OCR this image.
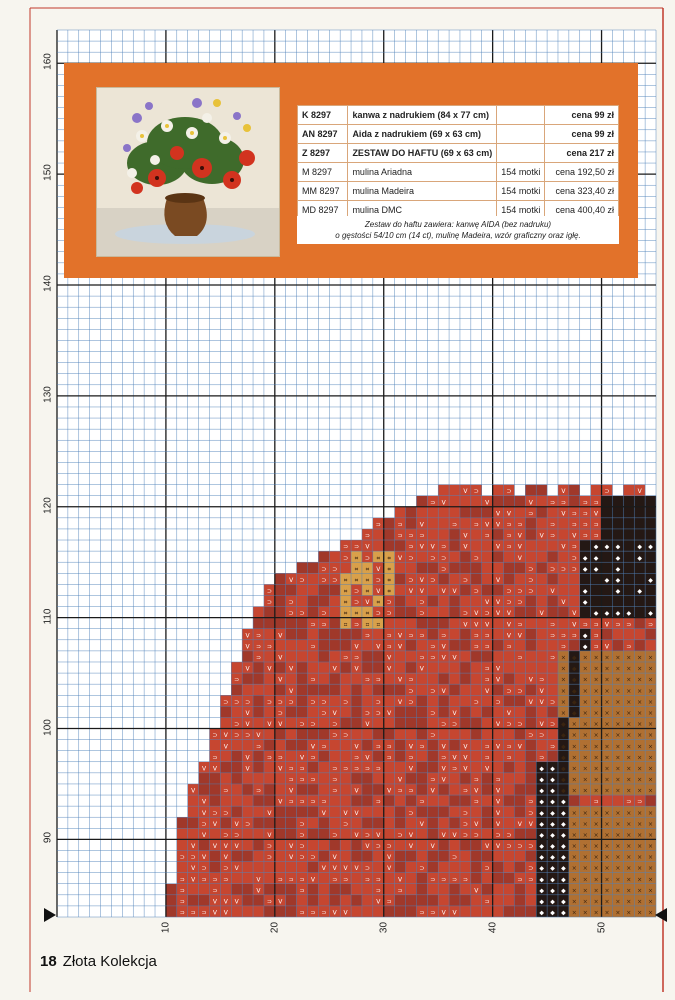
⊃
⊃
⊃
⊃
⊃
⊃
V
V
⊃
V
V
⊃
⊃
⊃
V
V
⊃
V
V
V
V
V
⊃
⊃
V
V
⊃
V
⊃
⊃
V
V
⊃
⊃
V
V
⊃
⊃
⊃
V
V
⊃
V
V
V
⊃
V
⊃
⊃
⊃
⊃
⊃
V
V
⊃
V
V
⊃
V
V
V
V
V
⊃
⊃
V
⊃
⊃
⊃
⊃
⊃
⊃
V
V
⊃
V
⊃
V
⊃
⊃
⊃
V
⊃
V
V
⊃
V
⊃
⊃
V
V
V
⊃
V
V
⊃
V
⊃
⊃
⊃
V
V
⊃
⊃
V
⊃
⊃
⊃
⊃
⊃
⊃
⊃
⊃
⊃
⊃
V
⊃
⊃
⊃
⊃
V
⊃
⊃
⊃
⊃
V
⊃
⊃
⊃
⊃
⊃
⊃
V
V
⊃
⊃
⊃
⊃
⊃
⊃
⊃
⊃
V
⊃
V
V
⊃
⊃
⊃
⊃
⊃
⊃
V
V
⊃
⊃
V
⊃
V
⊃
V
⊃
⊃
⊃
⊃
⌗
⌗
⌗
⌗
⌗
⊃
⊃
V
V
V
V
⊃
⊃
V
V
⊃
V
⊃
⌗
⊃
⊃
⌗
⌗
⌗
⊃
⊃
⊃
V
⊃
⊃
V
V
⊃
⊃
⊃
⌗
⌗
V
⌗
⌗
⌗
⊃
V
⊃
V
⊃
⊃
⊃
V
⊃
⊃
⊃
⊃
⊃
⊃
V
⌗
⊃
⌗
V
⊃
V
⌗
⊃
⊃
V
V
⊃
V
⊃
⊃
V
V
V
⊃
⊃
⊃
⊃
⌗
⌗
⌗
⌗
⊃
V
⊃
⊃
V
V
V
V
V
V
⊃
⊃
V
V
⊃
⊃
V
⊃
V
⊃
⊃
⊃
⊃
V
⊃
⊃
⊃
⊃
⊃
⊃
V
⊃
⊃
V
⊃
⊃
⊃
⊃
V
V
V
⊃
V
⊃
⊃
V
V
⊃
⊃
⊃
⊃
⊃
⊃
⊃
⊃
V
⊃
V
⊃
V
V
V
⊃
V
⊃
V
V
V
⊃
V
⊃
⊃
⊃
V
V
⊃
⊃
V
⊃
V
⊃
V
V
V
⊃
⊃
⊃
⊃
⊃
⊃
V
V
V
V
⊃
⊃
V
V
V
V
⊃
V
⊃
V
⊃
⊃
⊃
⊃
V
V
⊃
⊃
⊃
⊃
⊃
⊃
V
V
⊃
⊃
V
⊃
⊃
⊃
⊃
V
⊃
V
⊃
V
V
V
⊃
V
V
V
V
⊃
V
V
⊃
V
V
V
V
V
V
V
V
⊃
⊃
⊃
⊃
⊃
V
⊃
⊃
V
V
V
⊃
⊃
⊃
⊃
⊃
V
⊃
⊃
⊃
V
V
⊃
⊃
⊃
V
⊃
⊃
⊃
V
V
V
⊃
⊃
⊃
⊃
V
⊃
⊃
⊃
V
V
⊃
⊃
⊃
⊃
V
◆
◆
◆
◆
◆
◆
◆
◆
◆
◆
◆
◆
◆
◆
⊃
⊃
V
V
V
⊃
V
V
◆
◆
◆
◆
◆
◆
◆
◆
◆
◆
◆
◆
◆
◆
⊃
⊃
⊃
⊃
⊃
⊃
V
⊃
⊃
⊃
⊃
◆
◆
◆
◆
◆
◆
◆
◆
◆
◆
◆
◆
◆
◆
◆
◆
◆
◆
×
×
×
×
×
×
⊃
⊃
V
⊃
V
V
⊃
V
×
×
×
×
×
×
×
×
×
×
×
×
×
×
×
×
×
◆
◆
◆
◆
◆
◆
⊃
V
V
⊃
⊃
⊃
V
⊃
⊃
×
×
×
×
×
×
×
×
×
×
×
×
×
×
×
×
×
×
×
×
×
×
×
◆
◆
⊃
◆
◆
◆
◆
⊃
⊃
⊃
⊃
×
×
×
×
×
×
×
×
×
×
⊃
×
×
×
×
×
×
×
×
×
×
×
×
×
⊃
⊃
⊃
◆
◆
◆
◆
⊃
⊃
V
⊃
×
×
×
×
×
×
×
×
×
×
×
×
×
×
×
×
×
×
×
×
×
×
×
V
V
◆
◆
◆
⊃
×
×
×
×
×
×
×
×
×
×
×
×
×
×
×
×
×
×
×
×
×
×
×
⊃
◆
◆
◆
◆
◆
◆
×
×
×
×
×
×
×
×
×
×
⊃
×
×
×
×
×
×
×
×
×
×
×
×
×
⊃
⊃
◆
×
×
×
×
×
×
×
×
×
×
⊃
×
×
×
×
×
×
×
×
×
×
×
×
×
◆
◆
◆
V
×
×
×
×
×
×
×
×
×
×
×
×
×
×
×
×
×
×
×
×
×
×
×
⊃
◆
◆
◆
90
100
110
120
130
140
150
160
10	20	30	40	50
K 8297	kanwa z nadrukiem (84 x 77 cm)		cena 99 zł
AN 8297	Aida z nadrukiem (69 x 63 cm)		cena 99 zł
Z 8297	ZESTAW DO HAFTU (69 x 63 cm)		cena 217 zł
M 8297	mulina Ariadna	154 motki	cena 192,50 zł
MM 8297	mulina Madeira	154 motki	cena 323,40 zł
MD 8297	mulina DMC	154 motki	cena 400,40 zł
Zestaw do haftu zawiera: kanwę AIDA (bez nadruku)
o gęstości 54/10 cm (14 ct), mulinę Madeira, wzór graficzny oraz igłę.
18 Złota Kolekcja
